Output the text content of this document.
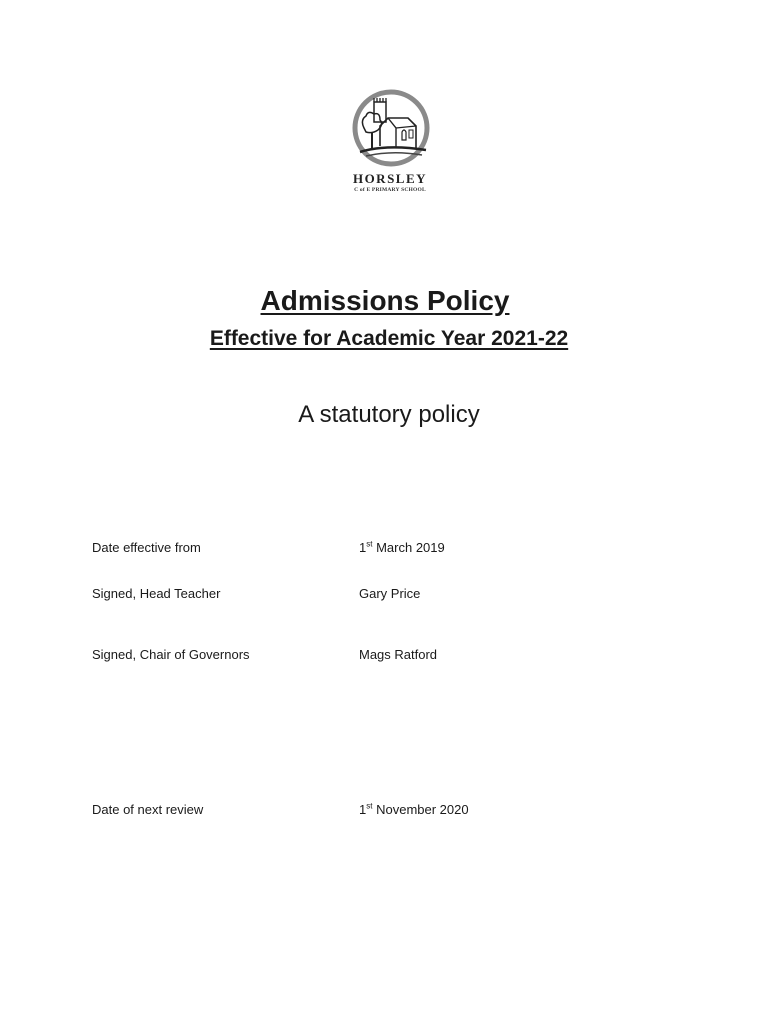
HORSLEY
C of E PRIMARY SCHOOL
Admissions Policy
Effective for Academic Year 2021-22
A statutory policy
Date effective from	1st March 2019
Signed, Head Teacher	Gary Price
Signed, Chair of Governors	Mags Ratford
Date of next review	1st November 2020
